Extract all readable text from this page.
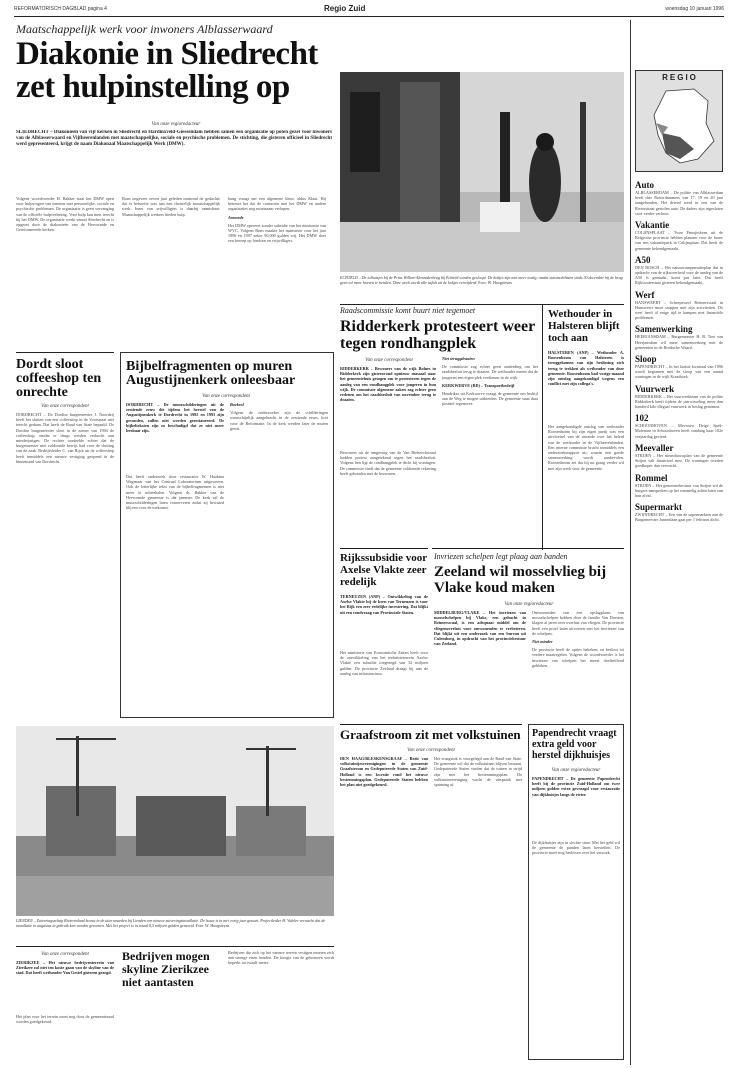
REFORMATORISCH DAGBLAD pagina 4	Regio Zuid	woensdag 10 januari 1996
Maatschappelijk werk voor inwoners Alblasserwaard
Diakonie in Sliedrecht zet hulpinstelling op
Van onze regioredacteur
SLIEDRECHT – Diakonieën van vijf kerken in Sliedrecht en Hardinxveld-Giessendam hebben samen een organisatie op poten gezet voor inwoners van de Alblasserwaard en Vijfheerenlanden met maatschappelijke, sociale en psychische problemen. De stichting, die gisteren officieel in Sliedrecht werd gepresenteerd, krijgt de naam Diakonaal Maatschappelijk Werk (DMW).

Volgens woordvoerder H. Bakker staat het DMW open voor hulpvragen van mensen met persoonlijke, sociale en psychische problemen. De organisatie is geen vervanging van de officiële hulpverlening. Voor hulp kan men terecht bij het DMW. De organisatie werkt vanuit Sliedrecht en is opgezet door de diakonieën van de Hervormde en Gereformeerde kerken.

Bons ongeveer zeven jaar geleden ontstond de gedachte dat er behoefte was aan een christelijk maatschappelijk werk. Inzet van vrijwilligers is daarbij onmisbaar. Maatschappelijk werkers bieden hulp.

bang vraagt om een algemene kleur, aldus Klaai. Hij betreurt het dat de contacten met het DMW en andere organisaties nog moeizaam verlopen.

Armoede

Het DMW opereert zonder subsidie van het ministerie van WVC. Volgens Bons maakte het ministerie voor het jaar 1996 en 1997 zeker 90.000 gulden vrij. Het DMW doet een beroep op fondsen en vrijwilligers.

ECHTELD – De tolhuisjes bij de Prins Willem-Alexanderbrug bij Echteld worden gesloopt. De hokjes zijn niet meer nodig, omdat automobilisten sinds 30 december bij de brug geen tol meer hoeven te betalen. Deze week wordt alle asfalt uit de hokjes verwijderd. Foto: W. Hoogsteyns
Dordt sloot coffeeshop ten onrechte
Van onze correspondent
DORDRECHT – De Dordtse burgemeester J. Noordzij heeft het sluiten van een coffeeshop in de Voorstraat niet terecht gedaan. Dat heeft de Raad van State bepaald. De Dordtse burgemeester sloot in de zomer van 1994 de coffeeshop, omdat er drugs werden verkocht aan minderjarigen. De rechter oordeelde echter dat de burgemeester niet voldoende bewijs had voor de sluiting van de zaak. Bedrijfsleider C. van Rijck uit de coffeeshop heeft inmiddels een nieuwe vestiging geopend in de binnenstad van Dordrecht.
Bijbelfragmenten op muren Augustijnenkerk onleesbaar
Van onze correspondent
DORDRECHT – De muurschilderingen uit de zestiende eeuw die tijdens het herstel van de Augustijnenkerk te Dordrecht in 1992 en 1993 zijn gevonden, zullen niet worden gerestaureerd. De bijbelteksten zijn zo beschadigd dat ze niet meer leesbaar zijn.
Dat heeft onderzoek door restaurator W. Haakma Wagenaar van het Centraal Laboratorium uitgewezen. Ook de letterlijke tekst van de bijbelfragmenten is niet meer te achterhalen. Volgens ds. Bakker van de Hervormde gemeente is dat jammer. De kerk zal de muurschilderingen laten conserveren zodat zij bewaard blijven voor de toekomst.

Boekrol

Volgens de onderzoeker zijn de schilderingen waarschijnlijk aangebracht in de zestiende eeuw, kort voor de Reformatie. In de kerk werden later de muren gewit.

Raadscommissie komt buurt niet tegemoet
Ridderkerk protesteert weer tegen rondhangplek
Van onze correspondent
RIDDERKERK – Bewoners van de wijk Bolnes in Ridderkerk zijn gisteravond opnieuw massaal naar het gemeentehuis getogen om te protesteren tegen de aanleg van een rondhangplek voor jongeren in hun wijk. De commissie algemene zaken zag echter geen redenen om het raadsbesluit van november terug te draaien.
Bewoners uit de omgeving van de Van Riebeeckstraat hadden protest aangetekend tegen het raadsbesluit. Volgens hen ligt de rondhangplek te dicht bij woningen. De commissie vindt dat de gemeente voldoende rekening heeft gehouden met de bezwaren.

Niet teruggdraaien

De commissie zag echter geen aanleiding om het raadsbesluit terug te draaien. De wethouder meent dat de jongeren een eigen plek verdienen in de wijk.

KERKWERVE (RD) – Transportbedrijf

Hendriksz uit Kerkwerve vraagt de gemeente om bedrijf aan de Weg te mogen uitbreiden. De gemeente staat daar positief tegenover.

Wethouder in Halsteren blijft toch aan
HALSTEREN (ANP) – Wethouder A. Roosenboom van Halsteren is teruggekomen van zijn beslissing zich terug te trekken als wethouder van deze gemeente. Roosenboom had vorige maand zijn ontslag aangekondigd wegens een conflict met zijn collega's.
Het aangekondigde ontslag van wethouder Roosenboom bij zijn eigen partij was een uitvloeisel van de onvrede over het beleid van de wethouder in de Vijfheerenlanden. Een interne commissie bracht inmiddels een onderzoeksrapport uit, waarin een goede samenwerking wordt aanbevolen. Roosenboom zei dat hij nu graag verder wil met zijn werk voor de gemeente.
Rijkssubsidie voor Axelse Vlakte zeer redelijk
TERNEUZEN (ANP) – Ontwikkeling van de Axelse Vlakte bij de kern van Terneuzen is voor het Rijk een zeer redelijke investering. Dat blijkt uit een rondvraag van Provinciale Staten.
Het ministerie van Economische Zaken heeft voor de ontwikkeling van het industrieterrein Axelse Vlakte een subsidie toegezegd van 32 miljoen gulden. De provincie Zeeland draagt bij aan de aanleg van infrastructuur.
Invriezen schelpen legt plaag aan banden
Zeeland wil mosselvlieg bij Vlake koud maken
Van onze regioredacteur
MIDDELBURG/VLAKE – Het invriezen van mosselschelpen bij Vlake, een gehucht in Reimerswaal, is een adequaat middel om de vliegenoverlast voor omwonenden te verbeteren. Dat blijkt uit een onderzoek van een bureau uit Culemborg, in opdracht van het provinciebestuur van Zeeland.

Omwonenden van een opslagplaats van mosselschelpen hebben door de familie Van Dorsten, klagen al jaren over overlast van vliegen. De provincie heeft een proef laten uitvoeren met het invriezen van de schelpen.

Niet minder

De provincie heeft de opties bekeken, en besloot tot verdere maatregelen. Volgens de woordvoerder is het invriezen van schelpen het meest doeltreffend gebleken.

LIENDEN – Zuiveringsschap Rivierenland bouwt in de uiterwaarden bij Lienden een nieuwe zuiveringsinstallatie. De bouw is in mei vorig jaar gestart. Projectleider H. Videler verwacht dat de installatie in augustus in gebruik kan worden genomen. Met het project is in totaal 8,5 miljoen gulden gemoeid. Foto: W. Hoogsteyns
Van onze correspondent
ZIERIKZEE – Het nieuwe bedrijventerrein van Zierikzee zal niet ten koste gaan van de skyline van de stad. Dat heeft wethouder Van Gestel gisteren gezegd.
Het plan voor het terrein moet nog door de gemeenteraad worden goedgekeurd.
Bedrijven mogen skyline Zierikzee niet aantasten
Bedrijven die zich op het nieuwe terrein vestigen moeten zich aan strenge eisen houden. De hoogte van de gebouwen wordt beperkt tot twaalf meter.
Graafstroom zit met volkstuinen
Van onze correspondent
DEN HAAG/BLESKENSGRAAF – Bezit van volkstuintjesverenigingen in de gemeente Graafstroom en Gedeputeerde Staten van Zuid-Holland is een kwestie rond het nieuwe bestemmingsplan. Gedeputeerde Staten hebben het plan niet goedgekeurd.
Het vraagstuk is voorgelegd aan de Raad van State. De gemeente wil dat de volkstuinen blijven bestaan. Gedeputeerde Staten vinden dat de tuinen in strijd zijn met het bestemmingsplan. De volkstuinvereniging wacht de uitspraak met spanning af.
Papendrecht vraagt extra geld voor herstel dijkhuisjes
Van onze regioredacteur
PAPENDRECHT – De gemeente Papendrecht heeft bij de provincie Zuid-Holland om twee miljoen gulden extra gevraagd voor restauratie van dijkhuisjes langs de rivier.
De dijkhuisjes zijn in slechte staat. Met het geld wil de gemeente de panden laten herstellen. De provincie moet nog beslissen over het verzoek.
REGIO
Auto
ALBLASSERDAM – De politie van Alblasserdam heeft drie Rotterdammers van 17, 19 en 20 jaar aangehouden. Het drietal werd in een van de Rivierstraat gestolen auto. De daders zijn ingesloten voor verder verhoor.
Vakantie
COLIJNSPLAAT – Twee Prinsjeskens uit de Belgische provincie hebben plannen voor de bouw van een vakantiepark in Colijnsplaat. Dat heeft de gemeente bekendgemaakt.
A50
DEN BOSCH – Het natuurcompensatieplan dat in opdracht van de rijksoverheid voor de aanleg van de A50 is gemaakt, komt pas later. Dat heeft Rijkswaterstaat gisteren bekendgemaakt.
Werf
HANSWEERT – Scheepswerf Reimerswaal in Hansweert moet stoppen met zijn activiteiten. De werf heeft al enige tijd te kampen met financiële problemen.
Samenwerking
HEERJANSDAM – Burgemeester H. B. Toet van Heerjansdam wil meer samenwerking met de gemeenten in de Hoeksche Waard.
Sloop
PAPENDRECHT – In het laatste kwartaal van 1996 wordt begonnen met de sloop van een aantal woningen in de wijk Kraaihoek.
Vuurwerk
RIDDERKERK – Het vuurwerkteam van de politie Ridderkerk heeft tijdens de jaarwisseling meer dan honderd kilo illegaal vuurwerk in beslag genomen.
102
SCHOONHOVEN – Mevrouw Deige Spek-Molenaar in Schoonhoven heeft vandaag haar 102e verjaardag gevierd.
Meevaller
STRIJEN – Het nieuwbouwplan van de gemeente Strijen valt financieel mee. De woningen worden goedkoper dan verwacht.
Rommel
STRIJEN – Het gemeentebestuur van Strijen wil de burgers aanspreken op het rommelig achterlaten van hun afval.
Supermarkt
ZWIJNDRECHT – Een van de supermarkten aan de Burgemeester Jansenlaan gaat per 1 februari dicht.
